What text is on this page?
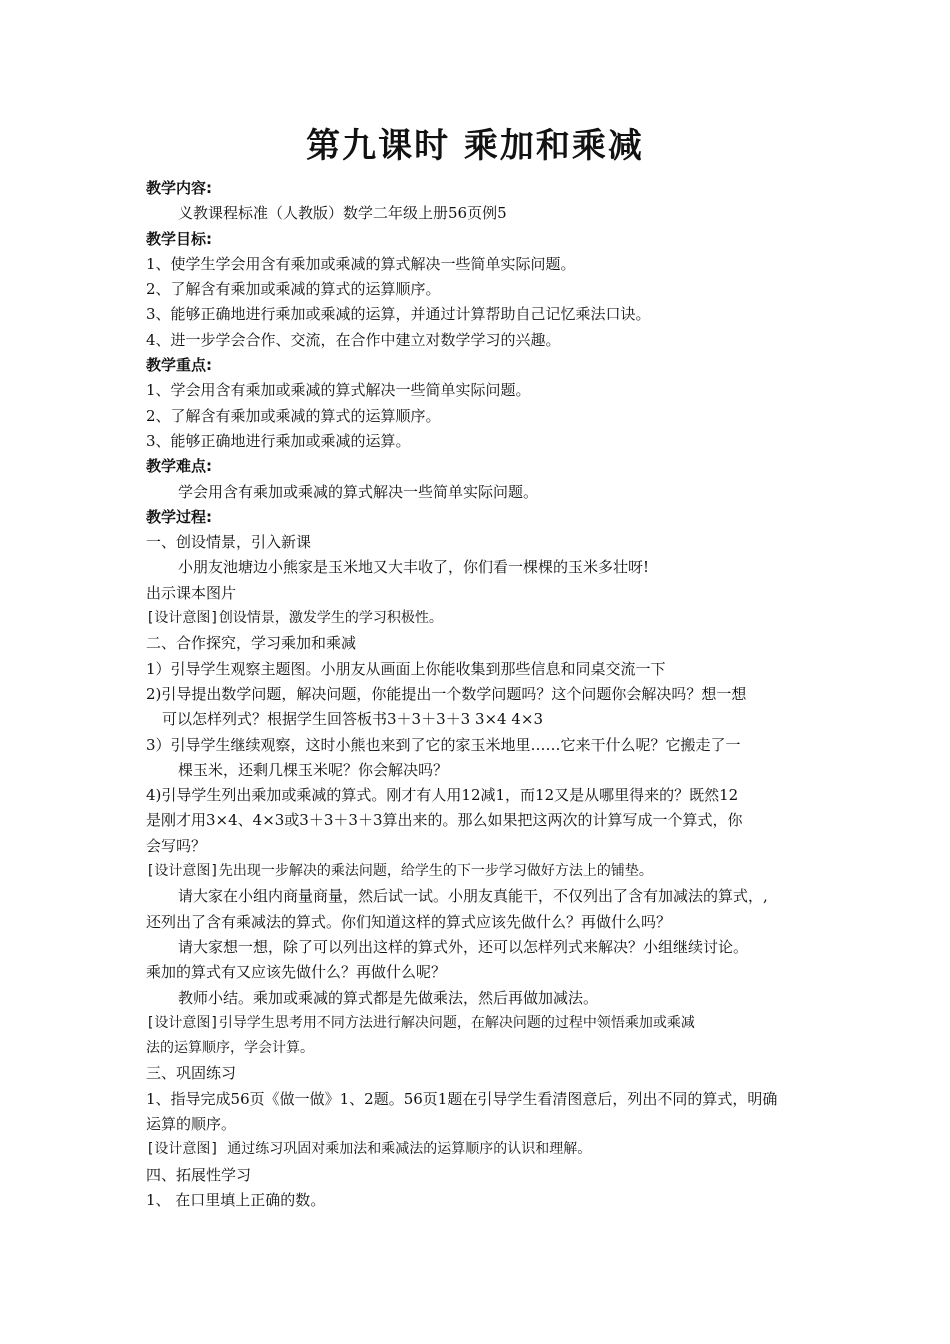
第九课时 乘加和乘减
教学内容:
义教课程标准（人教版）数学二年级上册56页例5
教学目标:
1、使学生学会用含有乘加或乘减的算式解决一些简单实际问题。
2、了解含有乘加或乘减的算式的运算顺序。
3、能够正确地进行乘加或乘减的运算，并通过计算帮助自己记忆乘法口诀。
4、进一步学会合作、交流，在合作中建立对数学学习的兴趣。
教学重点:
1、学会用含有乘加或乘减的算式解决一些简单实际问题。
2、了解含有乘加或乘减的算式的运算顺序。
3、能够正确地进行乘加或乘减的运算。
教学难点:
学会用含有乘加或乘减的算式解决一些简单实际问题。
教学过程:
一、创设情景，引入新课
小朋友池塘边小熊家是玉米地又大丰收了，你们看一棵棵的玉米多壮呀!
出示课本图片
[设计意图]创设情景，激发学生的学习积极性。
二、合作探究，学习乘加和乘减
1）引导学生观察主题图。小朋友从画面上你能收集到那些信息和同桌交流一下
2)引导提出数学问题，解决问题，你能提出一个数学问题吗？这个问题你会解决吗？想一想
可以怎样列式？根据学生回答板书3＋3＋3＋3 3×4 4×3
3）引导学生继续观察，这时小熊也来到了它的家玉米地里……它来干什么呢？它搬走了一
棵玉米，还剩几棵玉米呢？你会解决吗？
4)引导学生列出乘加或乘减的算式。刚才有人用12减1，而12又是从哪里得来的？既然12
是刚才用3×4、4×3或3＋3＋3＋3算出来的。那么如果把这两次的计算写成一个算式，你
会写吗？
[设计意图]先出现一步解决的乘法问题，给学生的下一步学习做好方法上的铺垫。
请大家在小组内商量商量，然后试一试。小朋友真能干，不仅列出了含有加减法的算式，,
还列出了含有乘减法的算式。你们知道这样的算式应该先做什么？再做什么吗？
请大家想一想，除了可以列出这样的算式外，还可以怎样列式来解决？小组继续讨论。
乘加的算式有又应该先做什么？再做什么呢？
教师小结。乘加或乘减的算式都是先做乘法，然后再做加减法。
[设计意图]引导学生思考用不同方法进行解决问题，在解决问题的过程中领悟乘加或乘减
法的运算顺序，学会计算。
三、巩固练习
1、指导完成56页《做一做》1、2题。56页1题在引导学生看清图意后，列出不同的算式，明确
运算的顺序。
[设计意图] 通过练习巩固对乘加法和乘减法的运算顺序的认识和理解。
四、拓展性学习
1、 在口里填上正确的数。
